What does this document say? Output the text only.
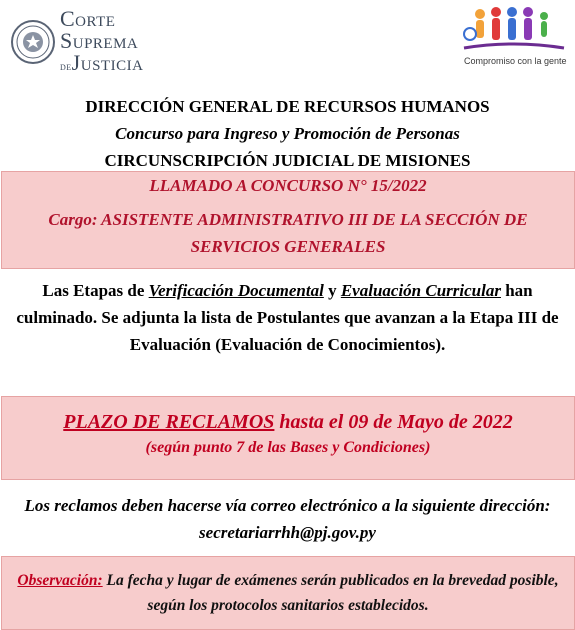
Corte
Suprema
deJusticia	Compromiso con la gente
DIRECCIÓN GENERAL DE RECURSOS HUMANOS
Concurso para Ingreso y Promoción de Personas
CIRCUNSCRIPCIÓN JUDICIAL DE MISIONES
LLAMADO A CONCURSO N° 15/2022
Cargo: ASISTENTE ADMINISTRATIVO III DE LA SECCIÓN DE SERVICIOS GENERALES
Las Etapas de Verificación Documental y Evaluación Curricular han culminado. Se adjunta la lista de Postulantes que avanzan a la Etapa III de Evaluación (Evaluación de Conocimientos).
PLAZO DE RECLAMOS hasta el 09 de Mayo de 2022
(según punto 7 de las Bases y Condiciones)
Los reclamos deben hacerse vía correo electrónico a la siguiente dirección: secretariarrhh@pj.gov.py
Observación: La fecha y lugar de exámenes serán publicados en la brevedad posible, según los protocolos sanitarios establecidos.
